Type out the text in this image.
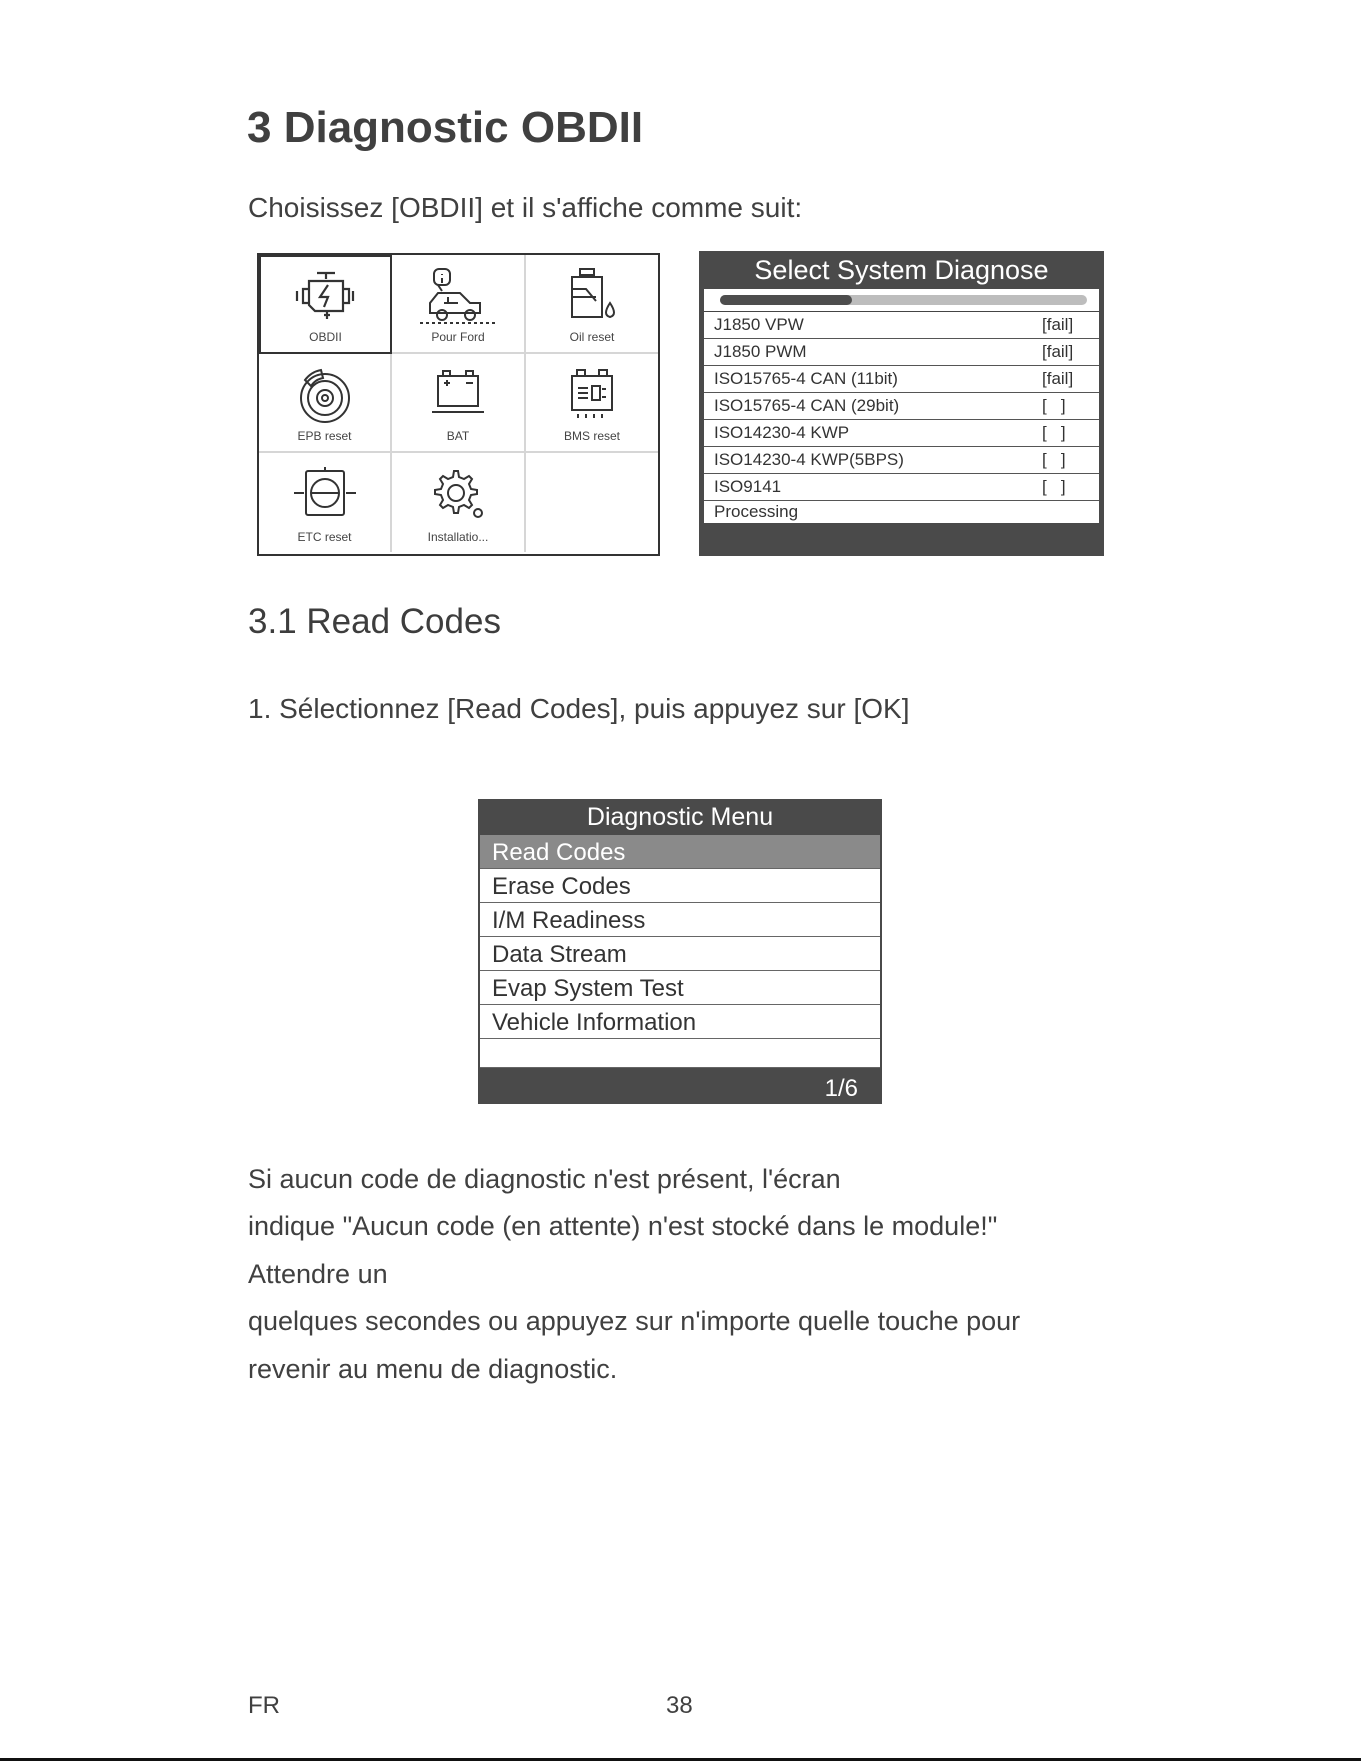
3 Diagnostic OBDII
Choisissez [OBDII] et il s'affiche comme suit:
OBDII	Pour Ford	Oil reset
EPB reset	BAT	BMS reset
ETC reset	Installatio...
Select System Diagnose
J1850 VPW	[fail]
J1850 PWM	[fail]
ISO15765-4 CAN (11bit)	[fail]
ISO15765-4 CAN (29bit)	[   ]
ISO14230-4 KWP	[   ]
ISO14230-4 KWP(5BPS)	[   ]
ISO9141	[   ]
Processing
3.1 Read Codes
1. Sélectionnez [Read Codes], puis appuyez sur [OK]
Diagnostic Menu
Read Codes
Erase Codes
I/M Readiness
Data Stream
Evap System Test
Vehicle Information
1/6
Si aucun code de diagnostic n'est présent, l'écran
indique "Aucun code (en attente) n'est stocké dans le module!"
Attendre un
quelques secondes ou appuyez sur n'importe quelle touche pour
revenir au menu de diagnostic.
FR	38
